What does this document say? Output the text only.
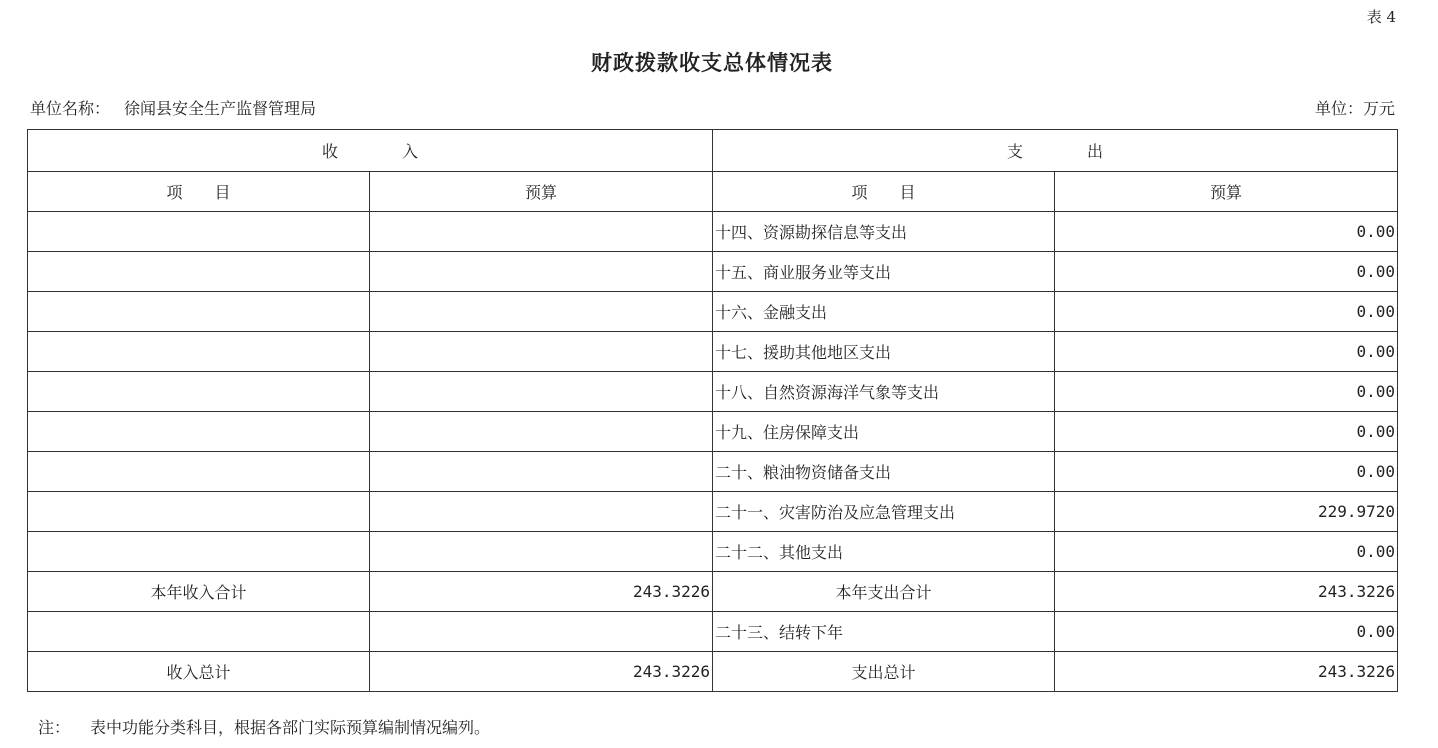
表 4
财政拨款收支总体情况表
单位名称： 徐闻县安全生产监督管理局	单位：万元
收　　　　入		支　　　　出	
项　　目	预算	项　　目	预算
		十四、资源勘探信息等支出	0.00
		十五、商业服务业等支出	0.00
		十六、金融支出	0.00
		十七、援助其他地区支出	0.00
		十八、自然资源海洋气象等支出	0.00
		十九、住房保障支出	0.00
		二十、粮油物资储备支出	0.00
		二十一、灾害防治及应急管理支出	229.9720
		二十二、其他支出	0.00
本年收入合计	243.3226	本年支出合计	243.3226
		二十三、结转下年	0.00
收入总计	243.3226	支出总计	243.3226
注： 表中功能分类科目，根据各部门实际预算编制情况编列。
